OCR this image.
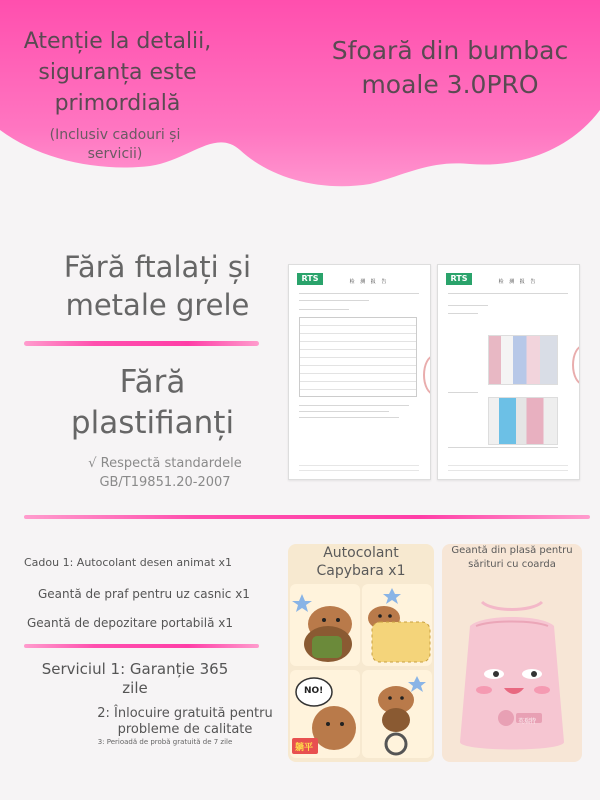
Atenție la detalii, siguranța este primordială
(Inclusiv cadouri și servicii)
Sfoară din bumbac moale 3.0PRO
Fără ftalați și metale grele
Fără plastifianți
√ Respectă standardele GB/T19851.20-2007
RTS	检 测 报 告	RTS	检 测 报 告
Cadou 1: Autocolant desen animat x1
Geantă de praf pentru uz casnic x1
Geantă de depozitare portabilă x1
Serviciul 1: Garanție 365 zile
2: Înlocuire gratuită pentru probleme de calitate
3: Perioadă de probă gratuită de 7 zile
Autocolant Capybara x1
NO!
躺平
Geantă din plasă pentru sărituri cu coarda
英瑞特
